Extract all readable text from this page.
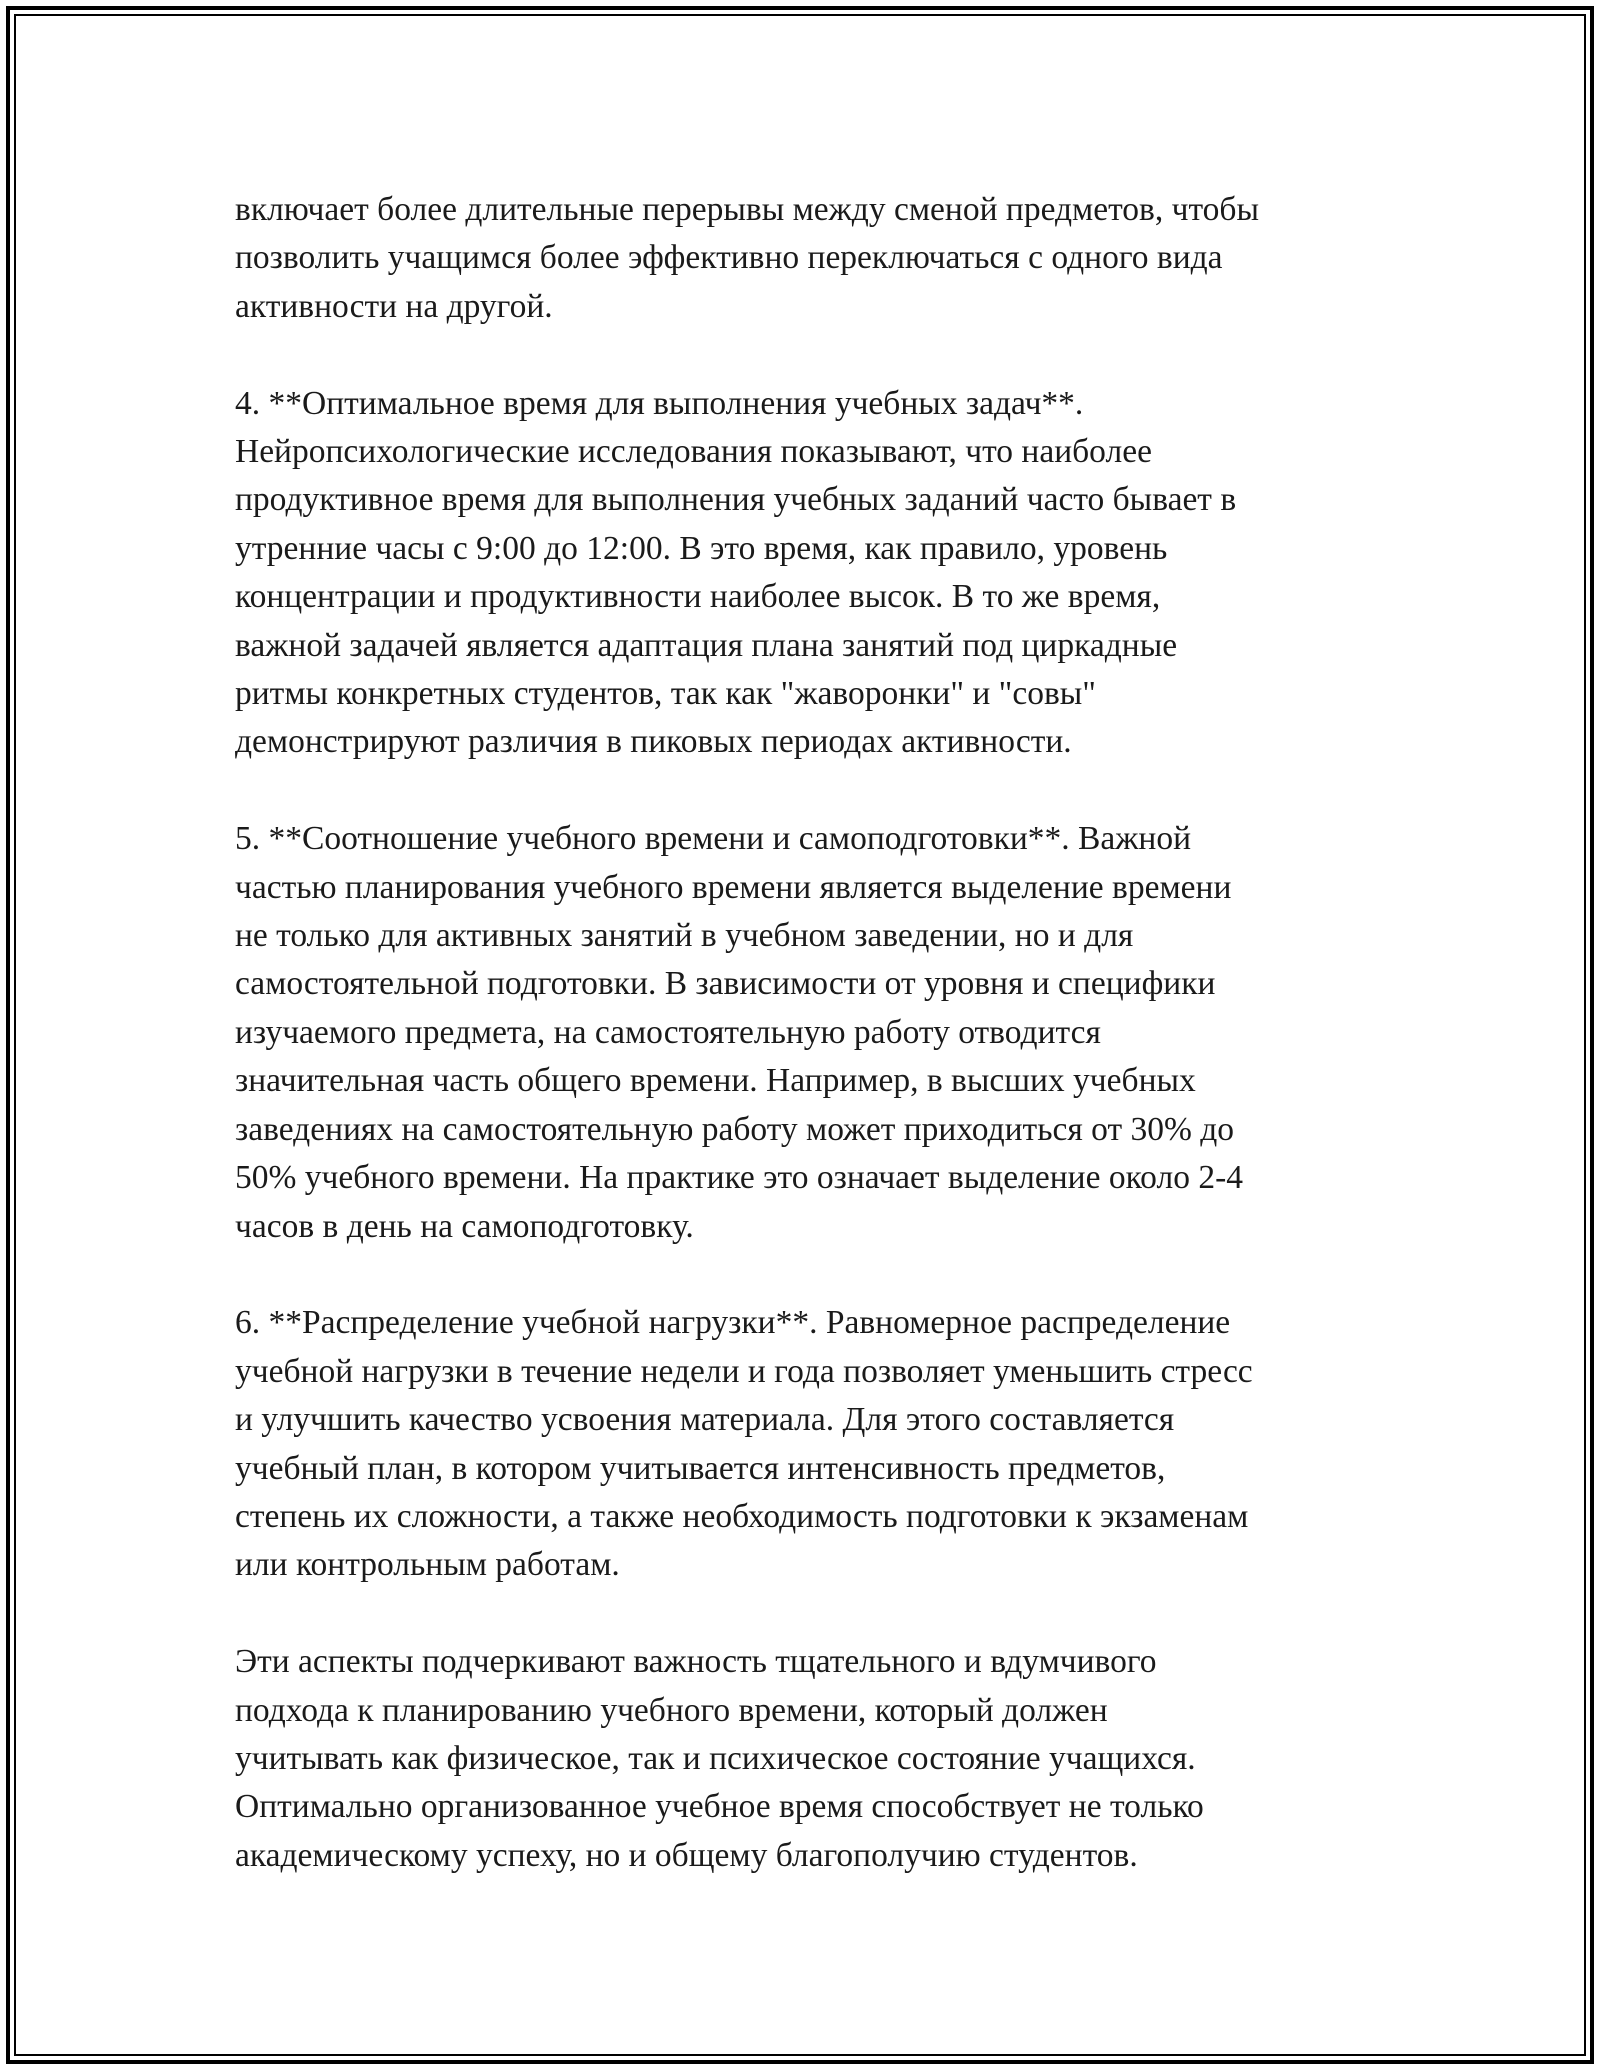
включает более длительные перерывы между сменой предметов, чтобы
позволить учащимся более эффективно переключаться с одного вида
активности на другой.

4. **Оптимальное время для выполнения учебных задач**.
Нейропсихологические исследования показывают, что наиболее
продуктивное время для выполнения учебных заданий часто бывает в
утренние часы с 9:00 до 12:00. В это время, как правило, уровень
концентрации и продуктивности наиболее высок. В то же время,
важной задачей является адаптация плана занятий под циркадные
ритмы конкретных студентов, так как "жаворонки" и "совы"
демонстрируют различия в пиковых периодах активности.

5. **Соотношение учебного времени и самоподготовки**. Важной
частью планирования учебного времени является выделение времени
не только для активных занятий в учебном заведении, но и для
самостоятельной подготовки. В зависимости от уровня и специфики
изучаемого предмета, на самостоятельную работу отводится
значительная часть общего времени. Например, в высших учебных
заведениях на самостоятельную работу может приходиться от 30% до
50% учебного времени. На практике это означает выделение около 2-4
часов в день на самоподготовку.

6. **Распределение учебной нагрузки**. Равномерное распределение
учебной нагрузки в течение недели и года позволяет уменьшить стресс
и улучшить качество усвоения материала. Для этого составляется
учебный план, в котором учитывается интенсивность предметов,
степень их сложности, а также необходимость подготовки к экзаменам
или контрольным работам.

Эти аспекты подчеркивают важность тщательного и вдумчивого
подхода к планированию учебного времени, который должен
учитывать как физическое, так и психическое состояние учащихся.
Оптимально организованное учебное время способствует не только
академическому успеху, но и общему благополучию студентов.
